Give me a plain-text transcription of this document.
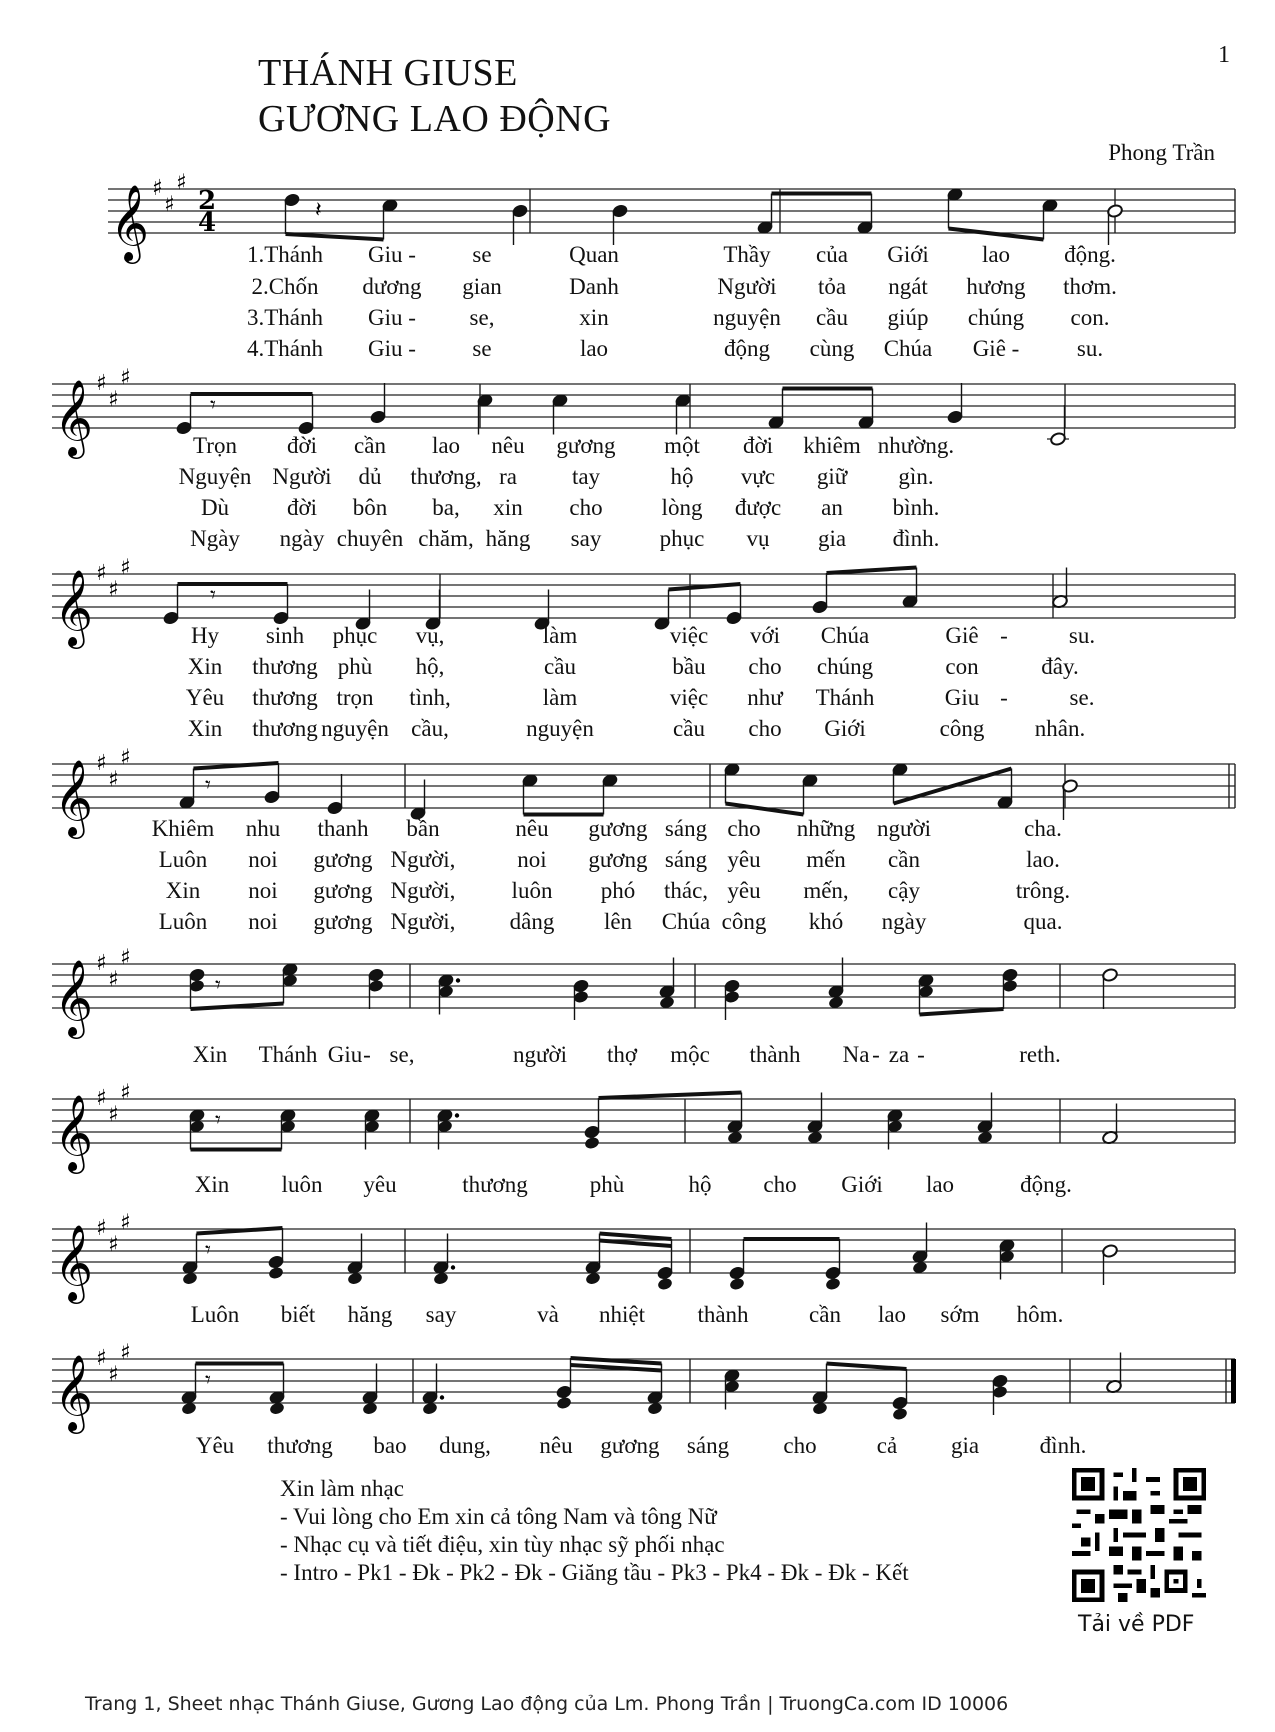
1
THÁNH GIUSE
GƯƠNG LAO ĐỘNG
Phong Trần
𝄞 ♯
♯
♯
2
4	𝄽
1.Thánh Giu - se	Quan	Thầy của Giới lao động.
2.Chốn dương gian	Danh	Người tỏa ngát hương thơm.
3.Thánh Giu - se,	xin	nguyện cầu giúp chúng con.
4.Thánh Giu - se	lao	động cùng Chúa Giê -	su.
𝄞 ♯
♯
♯
𝄾
Trọn đời cần lao nêu gương một đời khiêm nhường.
Nguyện Người dủ thương, ra tay	hộ vực giữ gìn.
Dù	đời bôn ba, xin cho	lòng được an bình.
Ngày ngày chuyên chăm, hăng say	phục vụ gia đình.
𝄞 ♯
♯
♯
𝄾
Hy sinh phục vụ,	làm	việc với Chúa	Giê -	su.
Xin thương phù hộ,	cầu	bầu cho chúng	con	đây.
Yêu thương trọn tình,	làm	việc như Thánh	Giu -	se.
Xin thương nguyện cầu,	nguyện	cầu cho Giới	công nhân.
𝄞 ♯
♯
♯
𝄾
Khiêm nhu thanh bần	nêu gương sáng cho những người	cha.
Luôn noi gương Người,	noi gương sáng yêu mến cần	lao.
Xin noi gương Người, luôn phó thác, yêu mến, cậy	trông.
Luôn noi gương Người, dâng lên Chúa công khó ngày	qua.
𝄞 ♯
♯
♯
𝄾
Xin Thánh Giu - se,	người thợ mộc thành Na - za -	reth.
𝄞 ♯
♯
♯
𝄾
Xin luôn yêu	thương	phù	hộ cho Giới lao	động.
𝄞 ♯
♯
♯
𝄾
Luôn biết hăng say	và nhiệt thành	cần lao sớm hôm.
𝄞 ♯
♯
♯
𝄾
Yêu thương bao dung, nêu gương sáng cho	cả gia	đình.
Xin làm nhạc
- Vui lòng cho Em xin cả tông Nam và tông Nữ
- Nhạc cụ và tiết điệu, xin tùy nhạc sỹ phối nhạc
- Intro - Pk1 - Đk - Pk2 - Đk - Giăng tầu - Pk3 - Pk4 - Đk - Đk - Kết
Tải về PDF
Trang 1, Sheet nhạc Thánh Giuse, Gương Lao động của Lm. Phong Trần | TruongCa.com ID 10006
